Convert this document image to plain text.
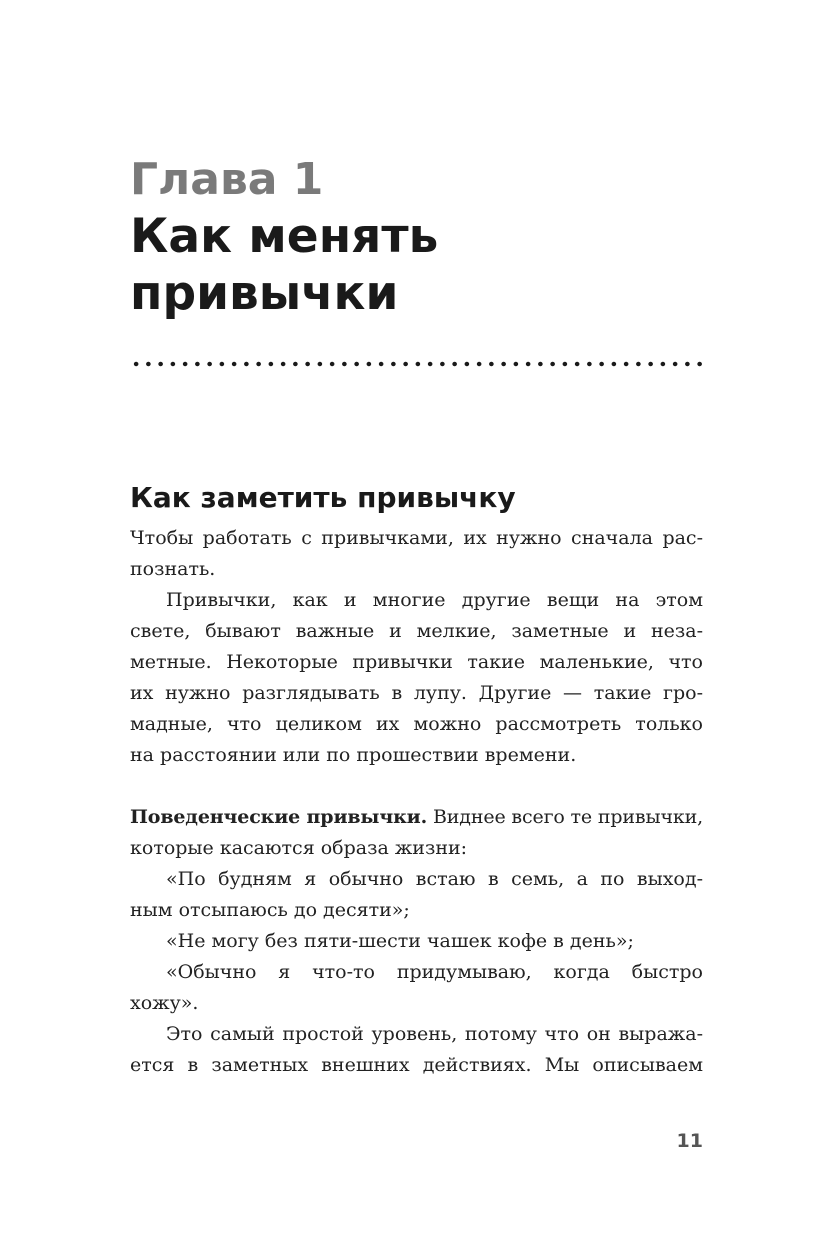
Глава 1
Как менять
привычки
Как заметить привычку
Чтобы работать с привычками, их нужно сначала рас-
познать.
Привычки, как и многие другие вещи на этом
свете, бывают важные и мелкие, заметные и неза-
метные. Некоторые привычки такие маленькие, что
их нужно разглядывать в лупу. Другие — такие гро-
мадные, что целиком их можно рассмотреть только
на расстоянии или по прошествии времени.
Поведенческие привычки. Виднее всего те привычки,
которые касаются образа жизни:
«По будням я обычно встаю в семь, а по выход-
ным отсыпаюсь до десяти»;
«Не могу без пяти-шести чашек кофе в день»;
«Обычно я что-то придумываю, когда быстро
хожу».
Это самый простой уровень, потому что он выража-
ется в заметных внешних действиях. Мы описываем
11
